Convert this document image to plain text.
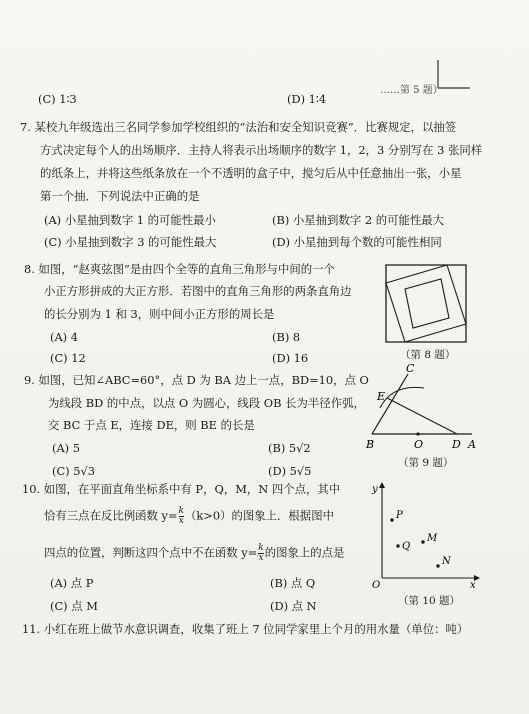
(C) 1∶3	(D) 1∶4
……第 5 题）
7. 某校九年级选出三名同学参加学校组织的“法治和安全知识竞赛”．比赛规定，以抽签
方式决定每个人的出场顺序．主持人将表示出场顺序的数字 1，2，3 分别写在 3 张同样
的纸条上，并将这些纸条放在一个不透明的盒子中，搅匀后从中任意抽出一张，小星
第一个抽．下列说法中正确的是
(A) 小星抽到数字 1 的可能性最小	(B) 小星抽到数字 2 的可能性最大
(C) 小星抽到数字 3 的可能性最大	(D) 小星抽到每个数的可能性相同
8. 如图，“赵爽弦图”是由四个全等的直角三角形与中间的一个
小正方形拼成的大正方形．若图中的直角三角形的两条直角边
的长分别为 1 和 3，则中间小正方形的周长是
(A) 4	(B) 8
(C) 12	(D) 16	（第 8 题）
9. 如图，已知∠ABC=60°，点 D 为 BA 边上一点，BD=10，点 O
为线段 BD 的中点，以点 O 为圆心，线段 OB 长为半径作弧，
交 BC 于点 E，连接 DE，则 BE 的长是
(A) 5	(B) 5√2
(C) 5√3	(D) 5√5
C
E
B	O	D A
（第 9 题）
10. 如图，在平面直角坐标系中有 P，Q，M，N 四个点，其中
恰有三点在反比例函数 $y= \frac{k}{x} (k>0)$的图象上．根据图中
四点的位置，判断这四个点中不在函数 $y= \frac{k}{x}$ 的图象上的点是
(A) 点 P	(B) 点 Q
(C) 点 M	(D) 点 N
y
x
O
P
Q
M
N
（第 10 题）
11. 小红在班上做节水意识调查，收集了班上 7 位同学家里上个月的用水量（单位：吨）
